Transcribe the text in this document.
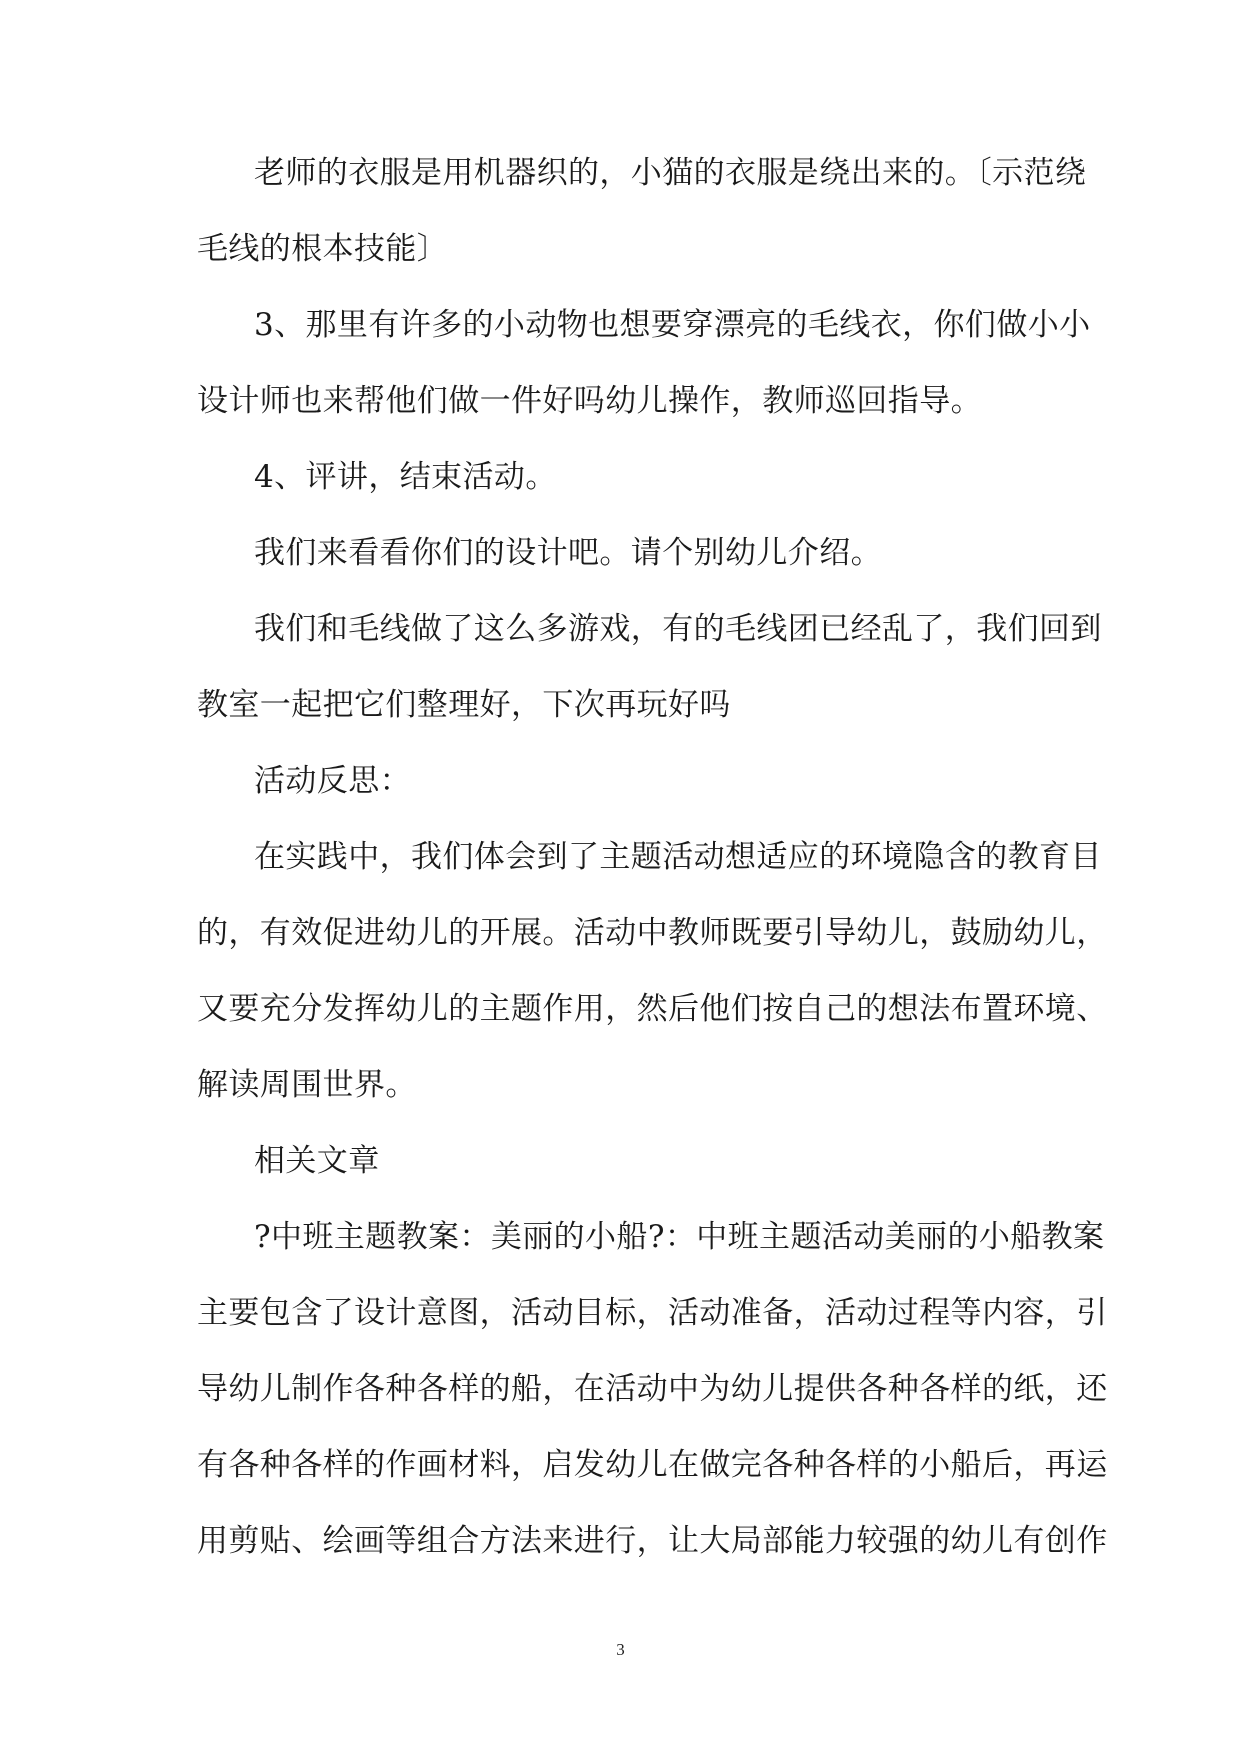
老师的衣服是用机器织的，小猫的衣服是绕出来的。〔示范绕
毛线的根本技能〕
3、那里有许多的小动物也想要穿漂亮的毛线衣，你们做小小
设计师也来帮他们做一件好吗幼儿操作，教师巡回指导。
4、评讲，结束活动。
我们来看看你们的设计吧。请个别幼儿介绍。
我们和毛线做了这么多游戏，有的毛线团已经乱了，我们回到
教室一起把它们整理好，下次再玩好吗
活动反思：
在实践中，我们体会到了主题活动想适应的环境隐含的教育目
的，有效促进幼儿的开展。活动中教师既要引导幼儿，鼓励幼儿，
又要充分发挥幼儿的主题作用，然后他们按自己的想法布置环境、
解读周围世界。
相关文章
?中班主题教案：美丽的小船?：中班主题活动美丽的小船教案
主要包含了设计意图，活动目标，活动准备，活动过程等内容，引
导幼儿制作各种各样的船，在活动中为幼儿提供各种各样的纸，还
有各种各样的作画材料，启发幼儿在做完各种各样的小船后，再运
用剪贴、绘画等组合方法来进行，让大局部能力较强的幼儿有创作
3
